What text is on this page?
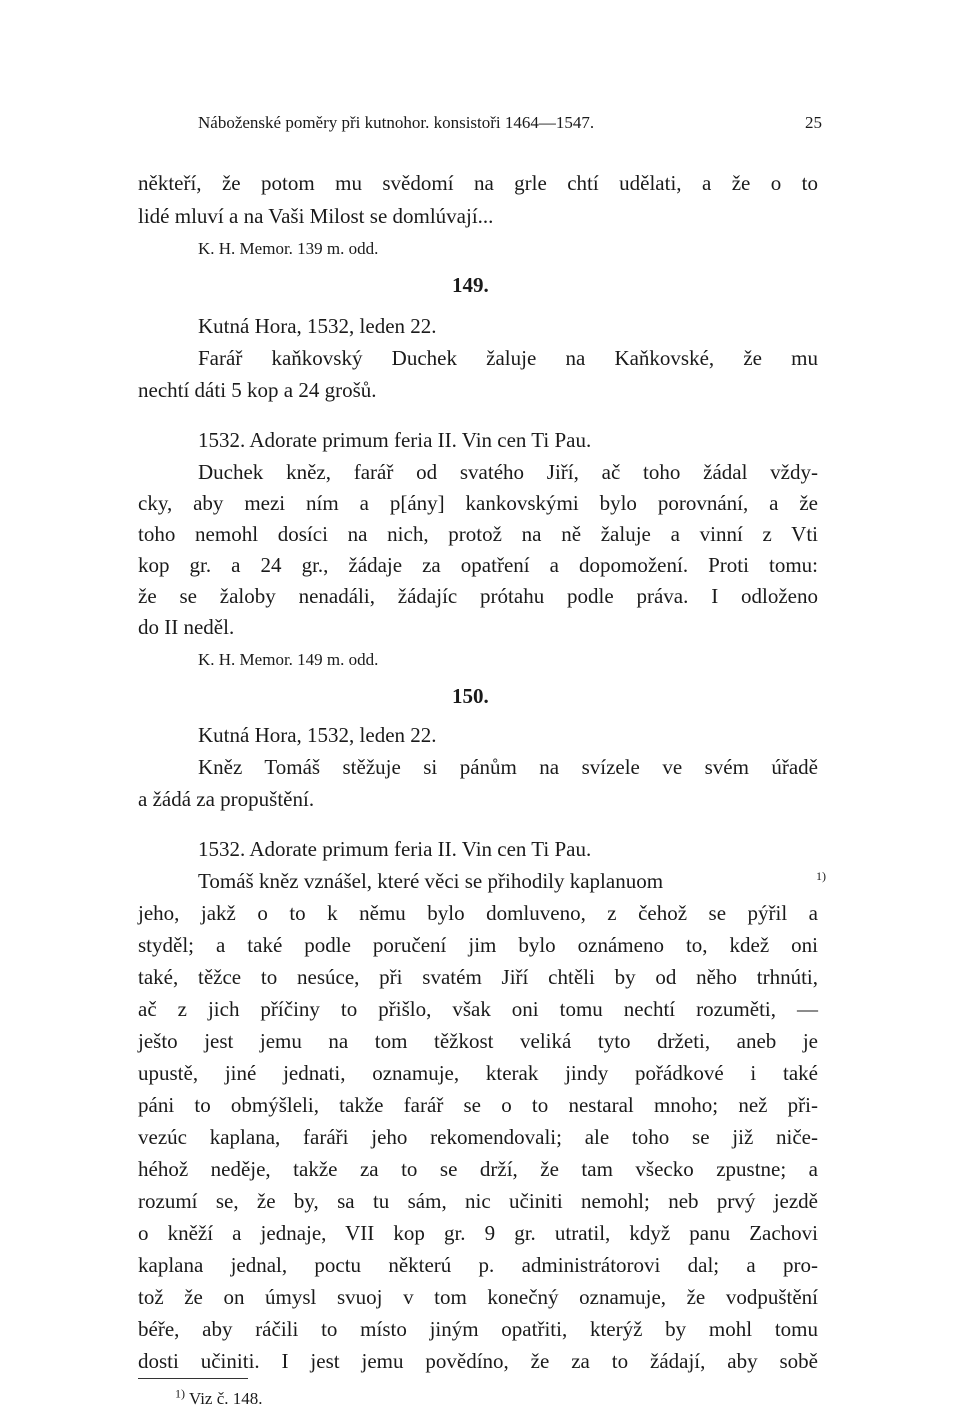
Náboženské poměry při kutnohor. konsistoři 1464—1547.	25
někteří, že potom mu svědomí na grle chtí udělati, a že o to
lidé mluví a na Vaši Milost se domlúvají...
K. H. Memor. 139 m. odd.
149.
Kutná Hora, 1532, leden 22.
Farář kaňkovský Duchek žaluje na Kaňkovské, že mu
nechtí dáti 5 kop a 24 grošů.
1532. Adorate primum feria II. Vin cen Ti Pau.
Duchek kněz, farář od svatého Jiří, ač toho žádal vždy-
cky, aby mezi ním a p[ány] kankovskými bylo porovnání, a že
toho nemohl dosíci na nich, protož na ně žaluje a vinní z Vti
kop gr. a 24 gr., žádaje za opatření a dopomožení. Proti tomu:
že se žaloby nenadáli, žádajíc prótahu podle práva. I odloženo
do II neděl.
K. H. Memor. 149 m. odd.
150.
Kutná Hora, 1532, leden 22.
Kněz Tomáš stěžuje si pánům na svízele ve svém úřadě
a žádá za propuštění.
1532. Adorate primum feria II. Vin cen Ti Pau.
Tomáš kněz vznášel, které věci se přihodily kaplanuom	1)
jeho, jakž o to k němu bylo domluveno, z čehož se pýřil a
styděl; a také podle poručení jim bylo oznámeno to, kdež oni
také, těžce to nesúce, při svatém Jiří chtěli by od něho trhnúti,
ač z jich příčiny to přišlo, však oni tomu nechtí rozuměti, —
ješto jest jemu na tom těžkost veliká tyto držeti, aneb je
upustě, jiné jednati, oznamuje, kterak jindy pořádkové i také
páni to obmýšleli, takže farář se o to nestaral mnoho; než při-
vezúc kaplana, faráři jeho rekomendovali; ale toho se již niče-
héhož neděje, takže za to se drží, že tam všecko zpustne; a
rozumí se, že by, sa tu sám, nic učiniti nemohl; neb prvý jezdě
o kněží a jednaje, VII kop gr. 9 gr. utratil, když panu Zachovi
kaplana jednal, poctu některú p. administrátorovi dal; a pro-
tož že on úmysl svuoj v tom konečný oznamuje, že vodpuštění
béře, aby ráčili to místo jiným opatřiti, kterýž by mohl tomu
dosti učiniti. I jest jemu povědíno, že za to žádají, aby sobě
$^{1)}$ Viz č. 148.
